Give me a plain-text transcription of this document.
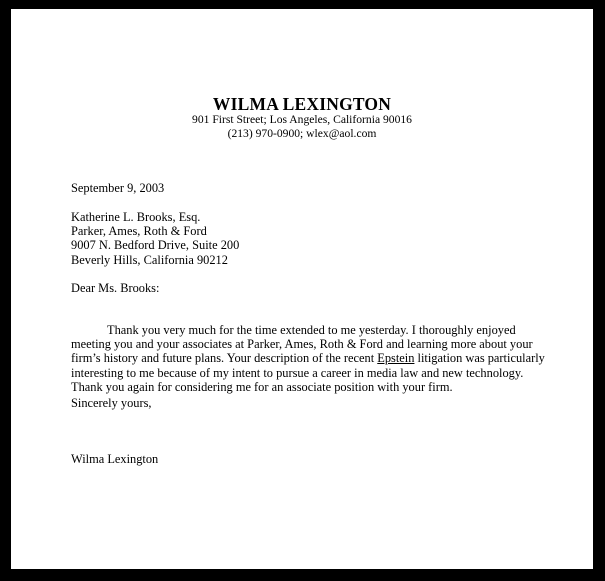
WILMA LEXINGTON
901 First Street; Los Angeles, California 90016
(213) 970-0900; wlex@aol.com
September 9, 2003
Katherine L. Brooks, Esq.
Parker, Ames, Roth & Ford
9007 N. Bedford Drive, Suite 200
Beverly Hills, California 90212
Dear Ms. Brooks:
Thank you very much for the time extended to me yesterday. I thoroughly enjoyed
meeting you and your associates at Parker, Ames, Roth & Ford and learning more about your
firm’s history and future plans. Your description of the recent Epstein litigation was particularly
interesting to me because of my intent to pursue a career in media law and new technology.
Thank you again for considering me for an associate position with your firm.
Sincerely yours,
Wilma Lexington
